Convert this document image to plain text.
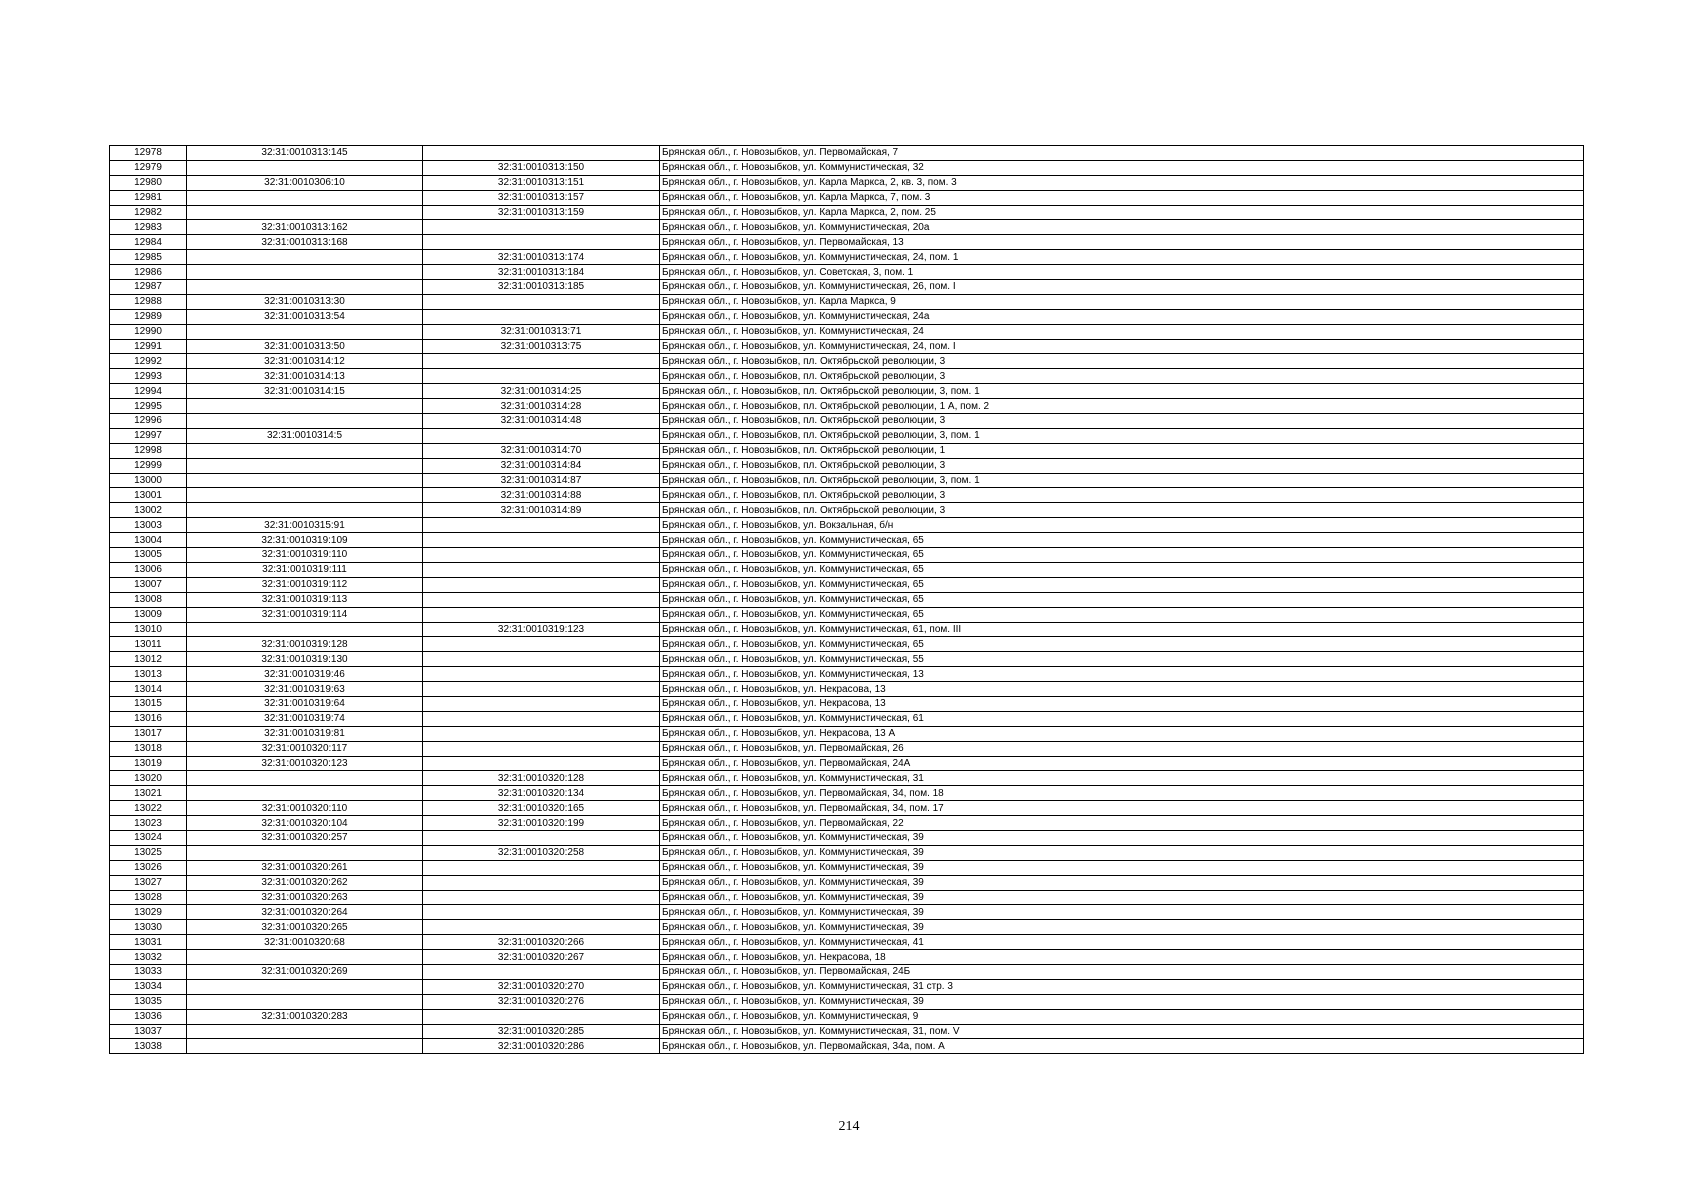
12978	32:31:0010313:145		Брянская обл., г. Новозыбков, ул. Первомайская, 7
12979		32:31:0010313:150	Брянская обл., г. Новозыбков, ул. Коммунистическая, 32
12980	32:31:0010306:10	32:31:0010313:151	Брянская обл., г. Новозыбков, ул. Карла Маркса, 2, кв. 3, пом. 3
12981		32:31:0010313:157	Брянская обл., г. Новозыбков, ул. Карла Маркса, 7, пом. 3
12982		32:31:0010313:159	Брянская обл., г. Новозыбков, ул. Карла Маркса, 2, пом. 25
12983	32:31:0010313:162		Брянская обл., г. Новозыбков, ул. Коммунистическая, 20а
12984	32:31:0010313:168		Брянская обл., г. Новозыбков, ул. Первомайская, 13
12985		32:31:0010313:174	Брянская обл., г. Новозыбков, ул. Коммунистическая, 24, пом. 1
12986		32:31:0010313:184	Брянская обл., г. Новозыбков, ул. Советская, 3, пом. 1
12987		32:31:0010313:185	Брянская обл., г. Новозыбков, ул. Коммунистическая, 26, пом. I
12988	32:31:0010313:30		Брянская обл., г. Новозыбков, ул. Карла Маркса, 9
12989	32:31:0010313:54		Брянская обл., г. Новозыбков, ул. Коммунистическая, 24а
12990		32:31:0010313:71	Брянская обл., г. Новозыбков, ул. Коммунистическая, 24
12991	32:31:0010313:50	32:31:0010313:75	Брянская обл., г. Новозыбков, ул. Коммунистическая, 24, пом. I
12992	32:31:0010314:12		Брянская обл., г. Новозыбков, пл. Октябрьской революции, 3
12993	32:31:0010314:13		Брянская обл., г. Новозыбков, пл. Октябрьской революции, 3
12994	32:31:0010314:15	32:31:0010314:25	Брянская обл., г. Новозыбков, пл. Октябрьской революции, 3, пом. 1
12995		32:31:0010314:28	Брянская обл., г. Новозыбков, пл. Октябрьской революции, 1 А, пом. 2
12996		32:31:0010314:48	Брянская обл., г. Новозыбков, пл. Октябрьской революции, 3
12997	32:31:0010314:5		Брянская обл., г. Новозыбков, пл. Октябрьской революции, 3, пом. 1
12998		32:31:0010314:70	Брянская обл., г. Новозыбков, пл. Октябрьской революции, 1
12999		32:31:0010314:84	Брянская обл., г. Новозыбков, пл. Октябрьской революции, 3
13000		32:31:0010314:87	Брянская обл., г. Новозыбков, пл. Октябрьской революции, 3, пом. 1
13001		32:31:0010314:88	Брянская обл., г. Новозыбков, пл. Октябрьской революции, 3
13002		32:31:0010314:89	Брянская обл., г. Новозыбков, пл. Октябрьской революции, 3
13003	32:31:0010315:91		Брянская обл., г. Новозыбков, ул. Вокзальная, б/н
13004	32:31:0010319:109		Брянская обл., г. Новозыбков, ул. Коммунистическая, 65
13005	32:31:0010319:110		Брянская обл., г. Новозыбков, ул. Коммунистическая, 65
13006	32:31:0010319:111		Брянская обл., г. Новозыбков, ул. Коммунистическая, 65
13007	32:31:0010319:112		Брянская обл., г. Новозыбков, ул. Коммунистическая, 65
13008	32:31:0010319:113		Брянская обл., г. Новозыбков, ул. Коммунистическая, 65
13009	32:31:0010319:114		Брянская обл., г. Новозыбков, ул. Коммунистическая, 65
13010		32:31:0010319:123	Брянская обл., г. Новозыбков, ул. Коммунистическая, 61, пом. III
13011	32:31:0010319:128		Брянская обл., г. Новозыбков, ул. Коммунистическая, 65
13012	32:31:0010319:130		Брянская обл., г. Новозыбков, ул. Коммунистическая, 55
13013	32:31:0010319:46		Брянская обл., г. Новозыбков, ул. Коммунистическая, 13
13014	32:31:0010319:63		Брянская обл., г. Новозыбков, ул. Некрасова, 13
13015	32:31:0010319:64		Брянская обл., г. Новозыбков, ул. Некрасова, 13
13016	32:31:0010319:74		Брянская обл., г. Новозыбков, ул. Коммунистическая, 61
13017	32:31:0010319:81		Брянская обл., г. Новозыбков, ул. Некрасова, 13 А
13018	32:31:0010320:117		Брянская обл., г. Новозыбков, ул. Первомайская, 26
13019	32:31:0010320:123		Брянская обл., г. Новозыбков, ул. Первомайская, 24А
13020		32:31:0010320:128	Брянская обл., г. Новозыбков, ул. Коммунистическая, 31
13021		32:31:0010320:134	Брянская обл., г. Новозыбков, ул. Первомайская, 34, пом. 18
13022	32:31:0010320:110	32:31:0010320:165	Брянская обл., г. Новозыбков, ул. Первомайская, 34, пом. 17
13023	32:31:0010320:104	32:31:0010320:199	Брянская обл., г. Новозыбков, ул. Первомайская, 22
13024	32:31:0010320:257		Брянская обл., г. Новозыбков, ул. Коммунистическая, 39
13025		32:31:0010320:258	Брянская обл., г. Новозыбков, ул. Коммунистическая, 39
13026	32:31:0010320:261		Брянская обл., г. Новозыбков, ул. Коммунистическая, 39
13027	32:31:0010320:262		Брянская обл., г. Новозыбков, ул. Коммунистическая, 39
13028	32:31:0010320:263		Брянская обл., г. Новозыбков, ул. Коммунистическая, 39
13029	32:31:0010320:264		Брянская обл., г. Новозыбков, ул. Коммунистическая, 39
13030	32:31:0010320:265		Брянская обл., г. Новозыбков, ул. Коммунистическая, 39
13031	32:31:0010320:68	32:31:0010320:266	Брянская обл., г. Новозыбков, ул. Коммунистическая, 41
13032		32:31:0010320:267	Брянская обл., г. Новозыбков, ул. Некрасова, 18
13033	32:31:0010320:269		Брянская обл., г. Новозыбков, ул. Первомайская, 24Б
13034		32:31:0010320:270	Брянская обл., г. Новозыбков, ул. Коммунистическая, 31 стр. 3
13035		32:31:0010320:276	Брянская обл., г. Новозыбков, ул. Коммунистическая, 39
13036	32:31:0010320:283		Брянская обл., г. Новозыбков, ул. Коммунистическая, 9
13037		32:31:0010320:285	Брянская обл., г. Новозыбков, ул. Коммунистическая, 31, пом. V
13038		32:31:0010320:286	Брянская обл., г. Новозыбков, ул. Первомайская, 34а, пом. А
214
